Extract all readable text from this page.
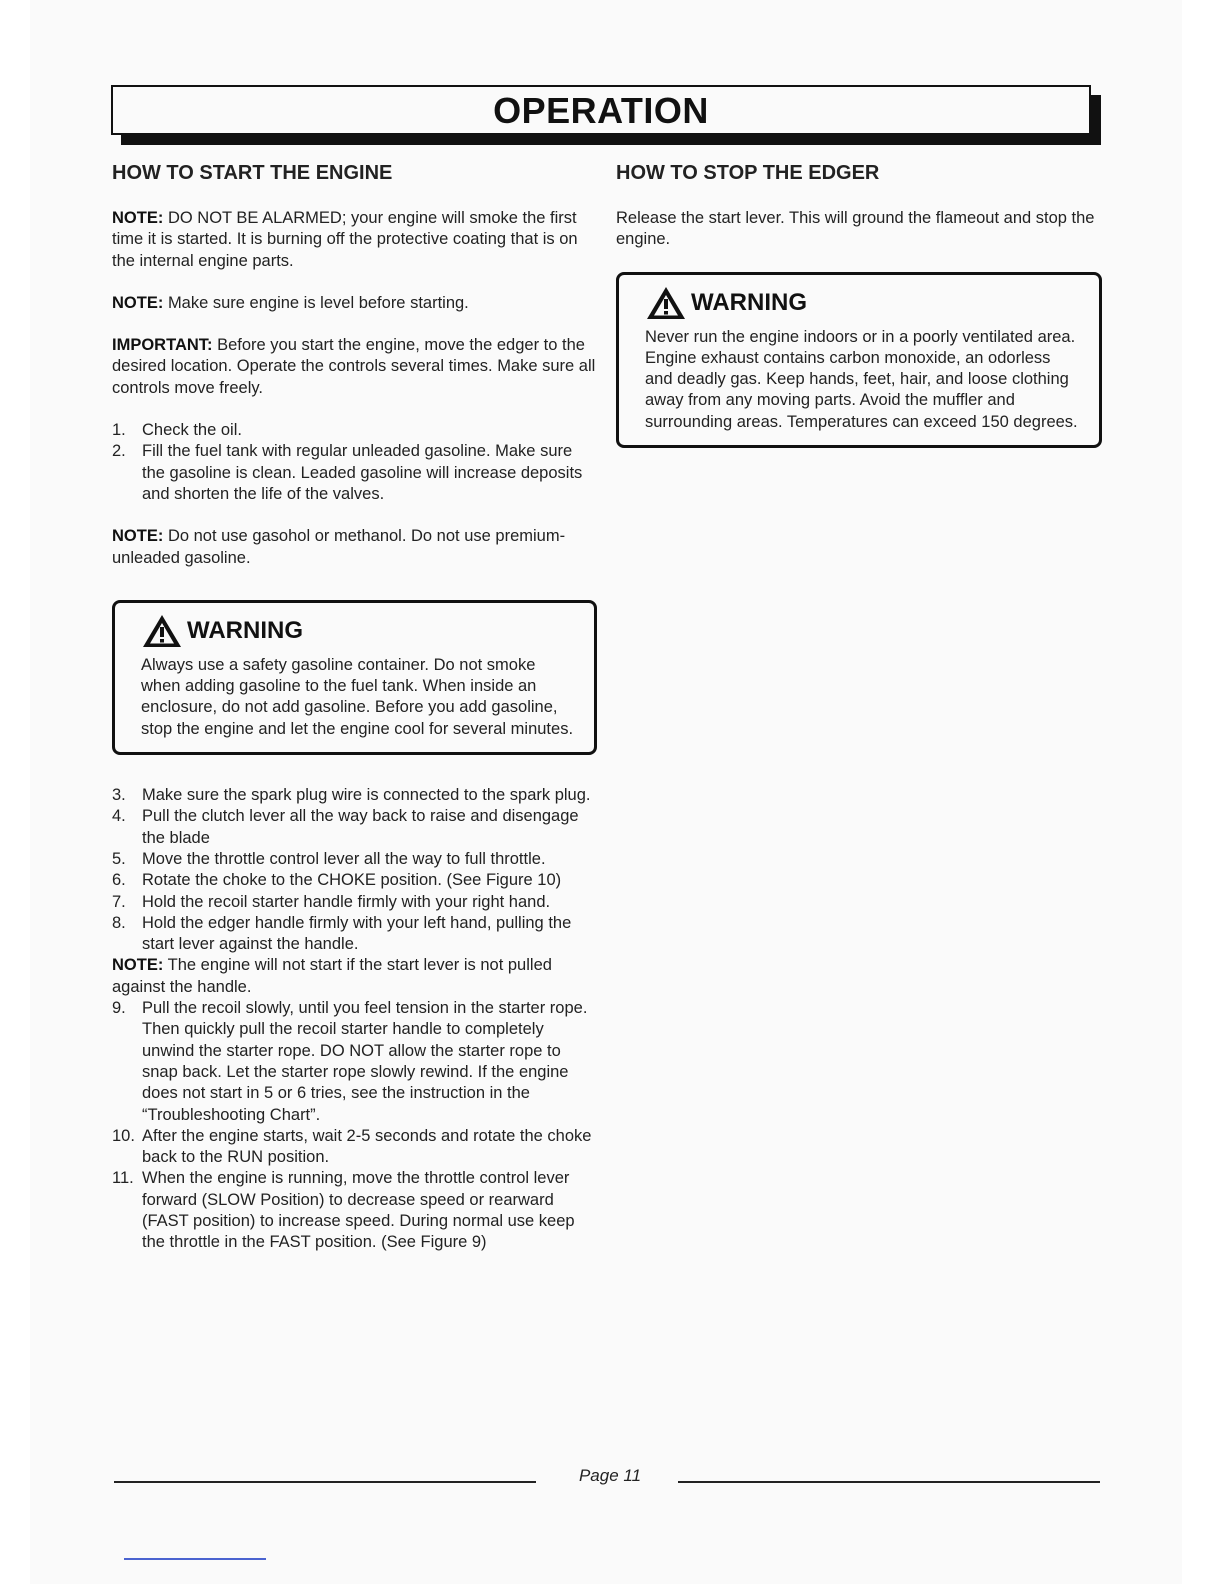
OPERATION
HOW TO START THE ENGINE

NOTE: DO NOT BE ALARMED; your engine will smoke the first time it is started. It is burning off the protective coating that is on the internal engine parts.

NOTE: Make sure engine is level before starting.

IMPORTANT: Before you start the engine, move the edger to the desired location. Operate the controls several times. Make sure all controls move freely.

1. Check the oil.
2. Fill the fuel tank with regular unleaded gasoline. Make sure the gasoline is clean. Leaded gasoline will increase deposits and shorten the life of the valves.

NOTE: Do not use gasohol or methanol. Do not use premium-unleaded gasoline.

WARNING

Always use a safety gasoline container. Do not smoke when adding gasoline to the fuel tank. When inside an enclosure, do not add gasoline. Before you add gasoline, stop the engine and let the engine cool for several minutes.

3. Make sure the spark plug wire is connected to the spark plug.
4. Pull the clutch lever all the way back to raise and disengage the blade
5. Move the throttle control lever all the way to full throttle.
6. Rotate the choke to the CHOKE position. (See Figure 10)
7. Hold the recoil starter handle firmly with your right hand.
8. Hold the edger handle firmly with your left hand, pulling the start lever against the handle.
NOTE: The engine will not start if the start lever is not pulled against the handle.
9. Pull the recoil slowly, until you feel tension in the starter rope. Then quickly pull the recoil starter handle to completely unwind the starter rope. DO NOT allow the starter rope to snap back. Let the starter rope slowly rewind. If the engine does not start in 5 or 6 tries, see the instruction in the “Troubleshooting Chart”.
10. After the engine starts, wait 2-5 seconds and rotate the choke back to the RUN position.
11. When the engine is running, move the throttle control lever forward (SLOW Position) to decrease speed or rearward (FAST position) to increase speed. During normal use keep the throttle in the FAST position. (See Figure 9)
HOW TO STOP THE EDGER

Release the start lever. This will ground the flameout and stop the engine.

WARNING

Never run the engine indoors or in a poorly ventilated area. Engine exhaust contains carbon monoxide, an odorless and deadly gas. Keep hands, feet, hair, and loose clothing away from any moving parts. Avoid the muffler and surrounding areas. Temperatures can exceed 150 degrees.

Page 11
